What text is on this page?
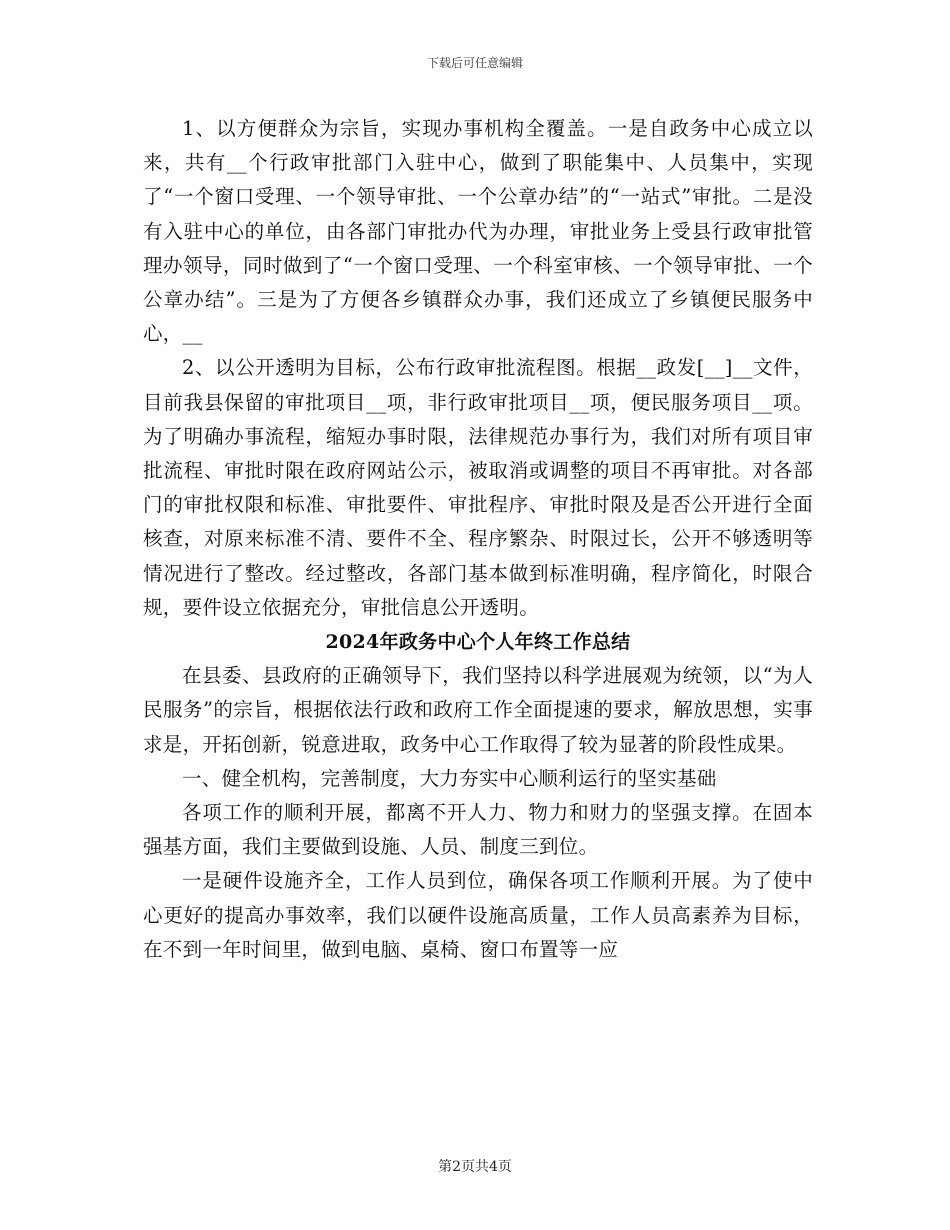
下载后可任意编辑

1、以方便群众为宗旨，实现办事机构全覆盖。一是自政务中心成立以来，共有__个行政审批部门入驻中心，做到了职能集中、人员集中，实现了“一个窗口受理、一个领导审批、一个公章办结”的“一站式”审批。二是没有入驻中心的单位，由各部门审批办代为办理，审批业务上受县行政审批管理办领导，同时做到了“一个窗口受理、一个科室审核、一个领导审批、一个公章办结”。三是为了方便各乡镇群众办事，我们还成立了乡镇便民服务中心，__

2、以公开透明为目标，公布行政审批流程图。根据__政发[__]__文件，目前我县保留的审批项目__项，非行政审批项目__项，便民服务项目__项。为了明确办事流程，缩短办事时限，法律规范办事行为，我们对所有项目审批流程、审批时限在政府网站公示，被取消或调整的项目不再审批。对各部门的审批权限和标准、审批要件、审批程序、审批时限及是否公开进行全面核查，对原来标准不清、要件不全、程序繁杂、时限过长，公开不够透明等情况进行了整改。经过整改，各部门基本做到标准明确，程序简化，时限合规，要件设立依据充分，审批信息公开透明。

2024年政务中心个人年终工作总结

在县委、县政府的正确领导下，我们坚持以科学进展观为统领，以“为人民服务”的宗旨，根据依法行政和政府工作全面提速的要求，解放思想，实事求是，开拓创新，锐意进取，政务中心工作取得了较为显著的阶段性成果。

一、健全机构，完善制度，大力夯实中心顺利运行的坚实基础

各项工作的顺利开展，都离不开人力、物力和财力的坚强支撑。在固本强基方面，我们主要做到设施、人员、制度三到位。

一是硬件设施齐全，工作人员到位，确保各项工作顺利开展。为了使中心更好的提高办事效率，我们以硬件设施高质量，工作人员高素养为目标，在不到一年时间里，做到电脑、桌椅、窗口布置等一应

第2页共4页
